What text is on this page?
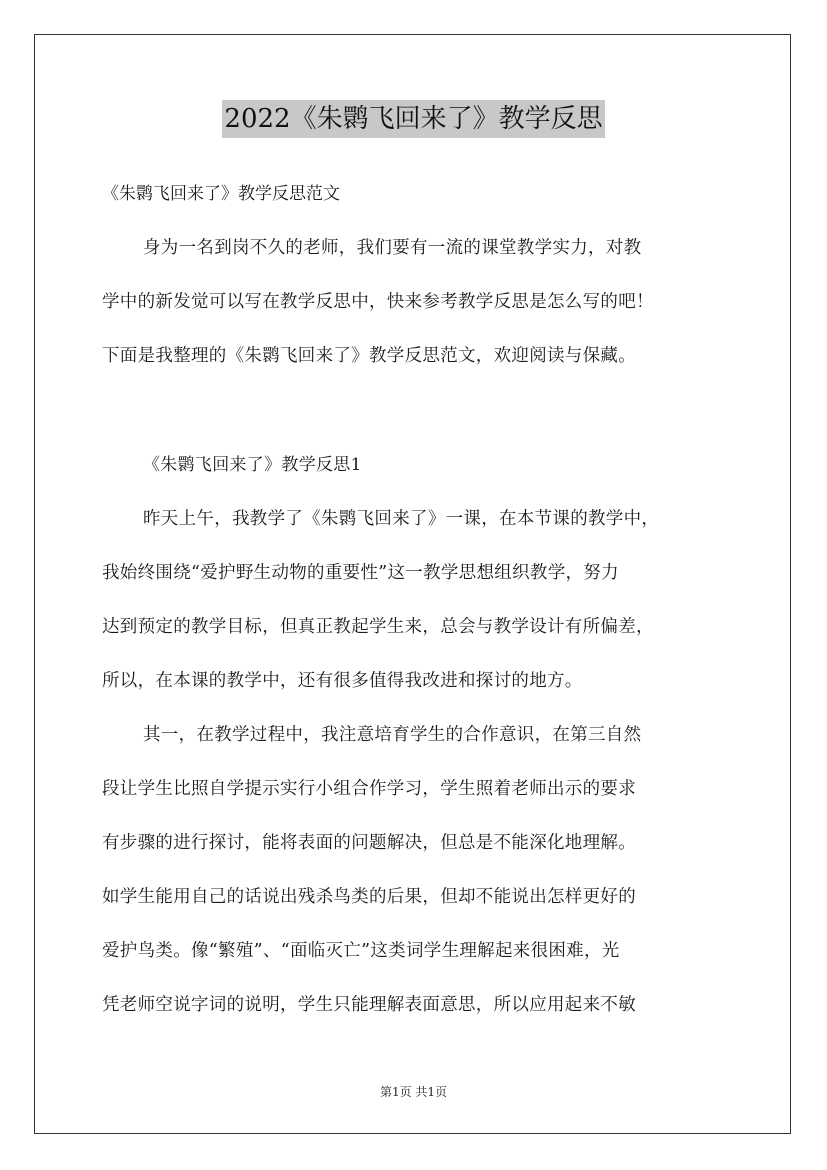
2022《朱鹮飞回来了》教学反思
《朱鹮飞回来了》教学反思范文
身为一名到岗不久的老师，我们要有一流的课堂教学实力，对教
学中的新发觉可以写在教学反思中，快来参考教学反思是怎么写的吧！
下面是我整理的《朱鹮飞回来了》教学反思范文，欢迎阅读与保藏。
《朱鹮飞回来了》教学反思1
昨天上午，我教学了《朱鹮飞回来了》一课，在本节课的教学中，
我始终围绕“爱护野生动物的重要性”这一教学思想组织教学，努力
达到预定的教学目标，但真正教起学生来，总会与教学设计有所偏差，
所以，在本课的教学中，还有很多值得我改进和探讨的地方。
其一，在教学过程中，我注意培育学生的合作意识，在第三自然
段让学生比照自学提示实行小组合作学习，学生照着老师出示的要求
有步骤的进行探讨，能将表面的问题解决，但总是不能深化地理解。
如学生能用自己的话说出残杀鸟类的后果，但却不能说出怎样更好的
爱护鸟类。像“繁殖”、“面临灭亡”这类词学生理解起来很困难，光
凭老师空说字词的说明，学生只能理解表面意思，所以应用起来不敏
第1页 共1页
